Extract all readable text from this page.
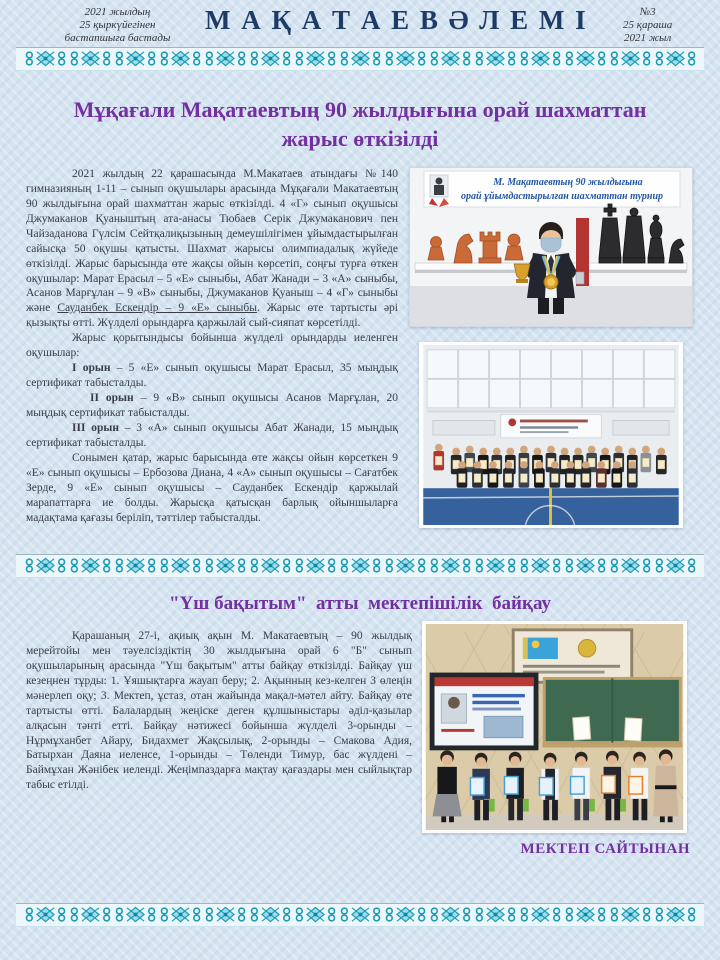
2021 жылдың
25 қыркүйегінен
бастапшыға бастады
М А Қ А Т А Е В Ә Л Е М І	№3
25 қараша
2021 жыл
Мұқағали Мақатаевтың 90 жылдығына орай шахматтан
жарыс өткізілді

2021 жылдың 22 қарашасында М.Макатаев атындағы №140 гимназияның 1-11 – сынып оқушылары арасында Мұқағали Макатаевтың 90 жылдығына орай шахматтан жарыс өткізілді. 4 «Г» сынып оқушысы Джумаканов Қуаныштың ата-анасы Тюбаев Серік Джумаканович пен Чайзаданова Гүлсім Сейтқалиқызының демеушілігімен ұйымдастырылған сайысқа 50 оқушы қатысты. Шахмат жарысы олимпиадалық жүйеде өткізілді. Жарыс барысында өте жақсы ойын көрсетіп, соңғы турға өткен оқушылар: Марат Ерасыл – 5 «Е» сыныбы, Абат Жанади – 3 «А» сыныбы, Асанов Марғұлан – 9 «В» сыныбы, Джумаканов Қуаныш – 4 «Г» сыныбы және Сауданбек Ескендір – 9 «Е» сыныбы. Жарыс өте тартысты әрі қызықты өтті. Жүлделі орындарға қаржылай сый-сияпат көрсетілді.

Жарыс қорытындысы бойынша жүлделі орындарды иеленген оқушылар:

І орын – 5 «Е» сынып оқушысы Марат Ерасыл, 35 мыңдық сертификат табысталды.

ІІ орын – 9 «В» сынып оқушысы Асанов Марғұлан, 20 мыңдық сертификат табысталды.

ІІІ орын – 3 «А» сынып оқушысы Абат Жанади, 15 мыңдық сертификат табысталды.

Сонымен қатар, жарыс барысында өте жақсы ойын көрсеткен 9 «Е» сынып оқушысы – Ербозова Диана, 4 «А» сынып оқушысы – Сағатбек Зерде, 9 «Е» сынып оқушысы – Сауданбек Ескендір қаржылай марапаттарға ие болды. Жарысқа қатысқан барлық ойыншыларға мадақтама қағазы беріліп, тәттілер табысталды.

М. Мақатаевтың 90 жылдығына
орай ұйымдастырылған шахматтан турнир
"Үш бақытым"  атты  мектепішілік  байқау

Қарашаның 27-і, ақиық ақын М. Макатаевтың – 90 жылдық мерейтойы мен тәуелсіздіктің 30 жылдығына орай 6 "Б" сынып оқушыларының арасында "Үш бақытым" атты байқау өткізілді. Байқау үш кезеңнен тұрды: 1. Ұяшықтарға жауап беру; 2. Ақынның кез-келген 3 өлеңін мәнерлеп оқу; 3. Мектеп, ұстаз, отан жайында мақал-мәтел айту. Байқау өте тартысты өтті. Балалардың жеңіске деген құлшыныстары әділ-қазылар алқасын тәнті етті. Байқау нәтижесі бойынша жүлделі 3-орынды – Нұрмұханбет Айару, Бидахмет Жақсылық, 2-орынды – Смакова Адия, Батырхан Даяна иеленсе, 1-орынды – Төленди Тимур, бас жүлдені – Баймұхан Жәнібек иеленді. Жеңімпаздарға мақтау қағаздары мен сыйлықтар табыс етілді.

МЕКТЕП САЙТЫНАН
